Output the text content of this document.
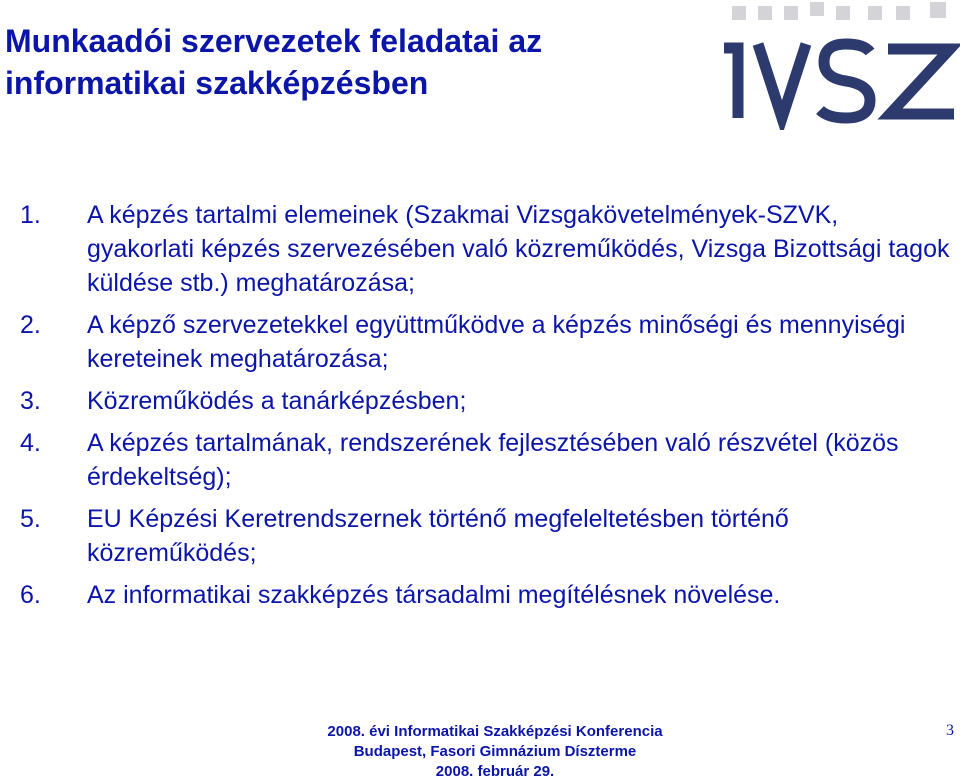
Munkaadói szervezetek feladatai az
informatikai szakképzésben
1.	A képzés tartalmi elemeinek (Szakmai Vizsgakövetelmények-SZVK, gyakorlati képzés szervezésében való közreműködés, Vizsga Bizottsági tagok küldése stb.) meghatározása;
2.	A képző szervezetekkel együttműködve a képzés minőségi és mennyiségi kereteinek meghatározása;
3.	Közreműködés a tanárképzésben;
4.	A képzés tartalmának, rendszerének fejlesztésében való részvétel (közös érdekeltség);
5.	EU Képzési Keretrendszernek történő megfeleltetésben történő közreműködés;
6.	Az informatikai szakképzés társadalmi megítélésnek növelése.
2008. évi Informatikai Szakképzési Konferencia
Budapest, Fasori Gimnázium Díszterme
2008. február 29.
3
